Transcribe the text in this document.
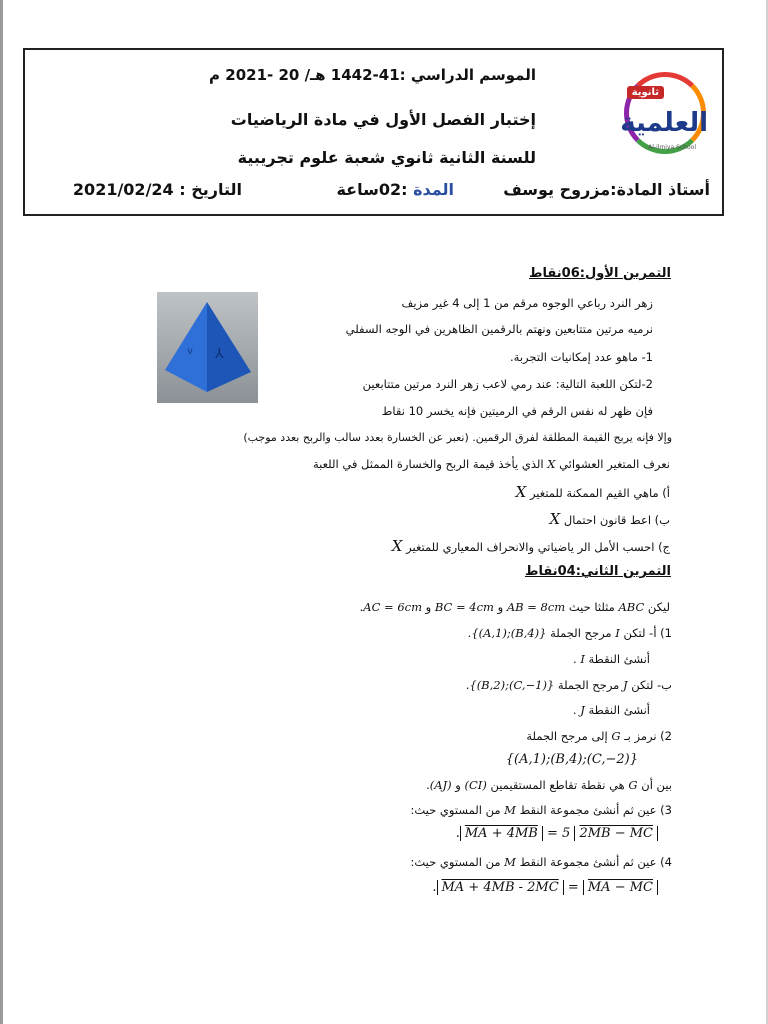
ثانوية
العلمية
Al-ilmiya School
الموسم الدراسي :41-1442 هـ/ 20 -2021 م
إختبار الفصل الأول في مادة الرياضيات
للسنة الثانية ثانوي شعبة علوم تجريبية
أستاذ المادة:مزروح يوسف
المدة :02ساعة
التاريخ : 2021/02/24
⅄
v
التمرين الأول:06نقاط
زهر النرد رباعي الوجوه مرقم من 1 إلى 4 غير مزيف
نرميه مرتين متتابعين ونهتم بالرقمين الظاهرين في الوجه السفلي
1- ماهو عدد إمكانيات التجربة.
2-لتكن اللعبة التالية: عند رمي لاعب زهر النرد مرتين متتابعين
فإن ظهر له نفس الرقم في الرميتين فإنه يخسر 10 نقاط
وإلا فإنه يربح القيمة المطلقة لفرق الرقمين. (نعبر عن الخسارة بعدد سالب والربح بعدد موجب)
نعرف المتغير العشوائي X الذي يأخذ قيمة الربح والخسارة الممثل في اللعبة
أ) ماهي القيم الممكنة للمتغير X
ب) اعط قانون احتمال X
ج) احسب الأمل الر ياضياتي والانحراف المعياري للمتغير X
التمرين الثاني:04نقاط
ليكن ABC مثلثا حيث AB = 8cm و BC = 4cm و AC = 6cm.
1) أ- لتكن I مرجح الجملة {(A,1);(B,4)}.
أنشئ النقطة I .
ب- لتكن J مرجح الجملة {(B,2);(C,−1)}.
أنشئ النقطة J .
2) نرمز بـ G إلى مرجح الجملة
{(A,1);(B,4);(C,−2)}
بين أن G هي نقطة تقاطع المستقيمين (CI) و (AJ).
3) عين ثم أنشئ مجموعة النقط M من المستوي حيث:
. MA + 4MB = 5 2MB − MC
4) عين ثم أنشئ مجموعة النقط M من المستوي حيث:
. MA + 4MB - 2MC = MA − MC
